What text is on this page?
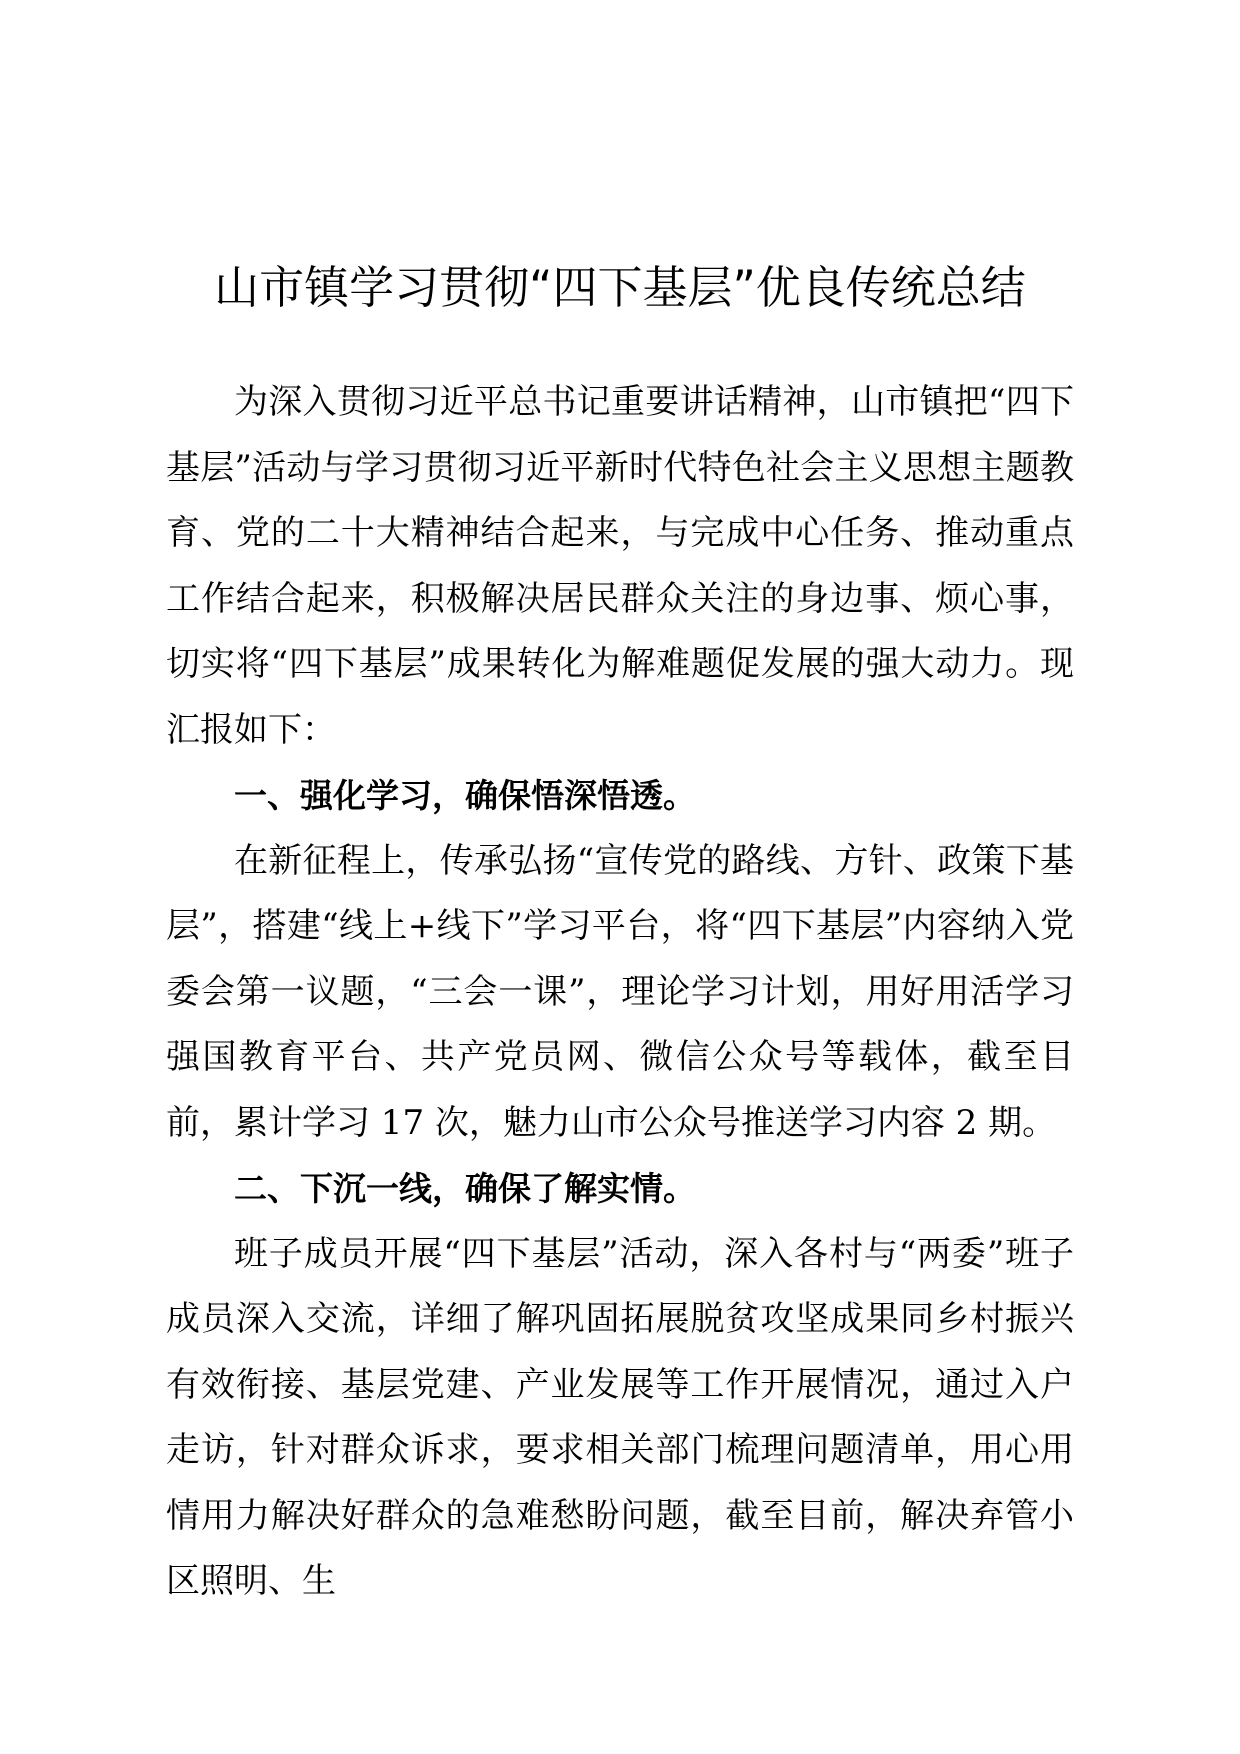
山市镇学习贯彻“四下基层”优良传统总结

为深入贯彻习近平总书记重要讲话精神，山市镇把“四下基层”活动与学习贯彻习近平新时代特色社会主义思想主题教育、党的二十大精神结合起来，与完成中心任务、推动重点工作结合起来，积极解决居民群众关注的身边事、烦心事，切实将“四下基层”成果转化为解难题促发展的强大动力。现汇报如下：

一、强化学习，确保悟深悟透。

在新征程上，传承弘扬“宣传党的路线、方针、政策下基层”，搭建“线上+线下”学习平台，将“四下基层”内容纳入党委会第一议题，“三会一课”，理论学习计划，用好用活学习强国教育平台、共产党员网、微信公众号等载体，截至目前，累计学习 17 次，魅力山市公众号推送学习内容 2 期。

二、下沉一线，确保了解实情。

班子成员开展“四下基层”活动，深入各村与“两委”班子成员深入交流，详细了解巩固拓展脱贫攻坚成果同乡村振兴有效衔接、基层党建、产业发展等工作开展情况，通过入户走访，针对群众诉求，要求相关部门梳理问题清单，用心用情用力解决好群众的急难愁盼问题，截至目前，解决弃管小区照明、生
